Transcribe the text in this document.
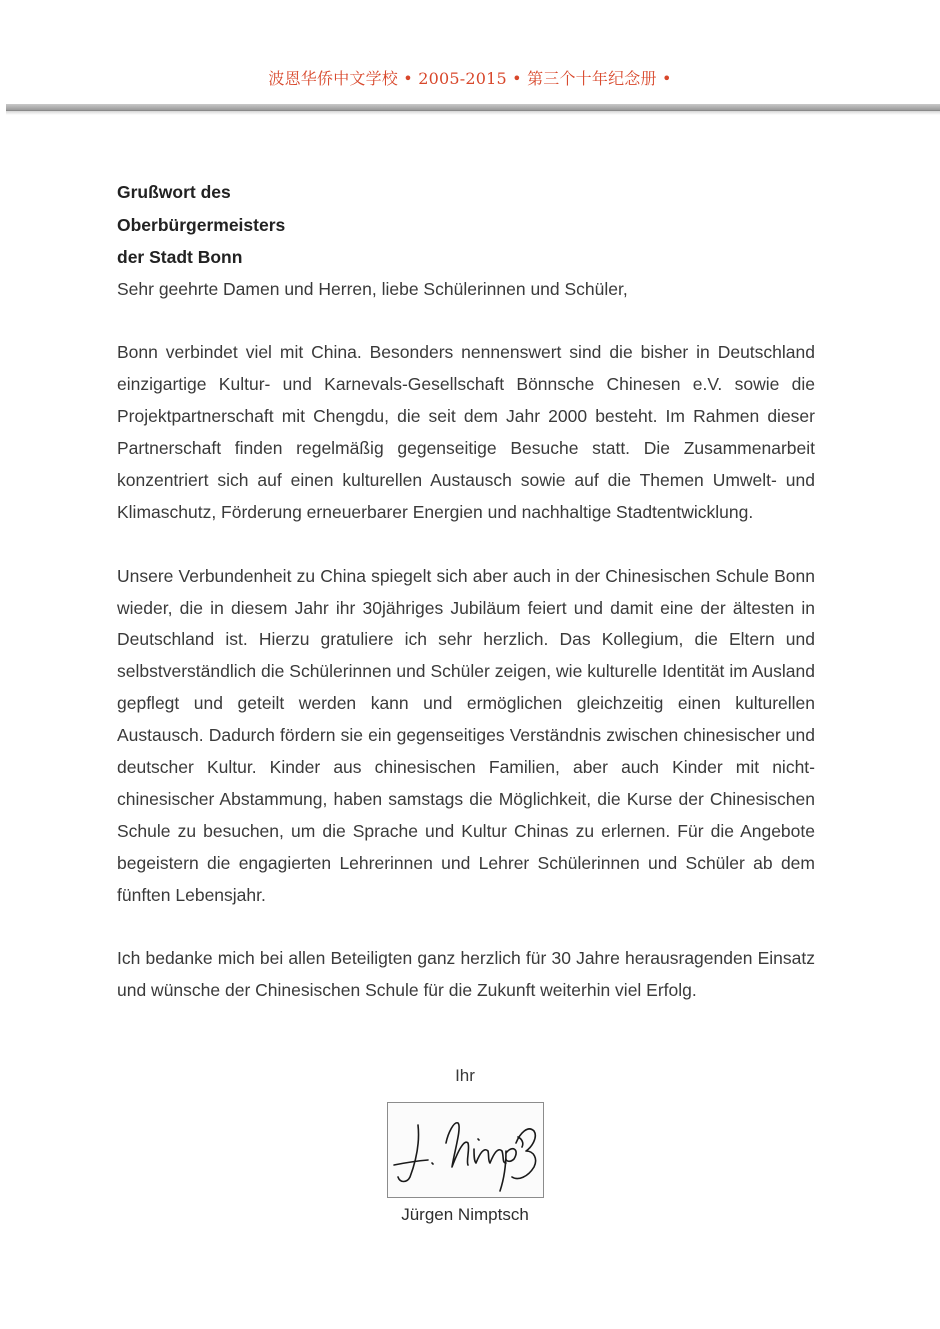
波恩华侨中文学校 • 2005-2015 • 第三个十年纪念册 •
Grußwort des
Oberbürgermeisters
der Stadt Bonn

Sehr geehrte Damen und Herren, liebe Schülerinnen und Schüler,

Bonn verbindet viel mit China. Besonders nennenswert sind die bisher in Deutschland einzigartige Kultur- und Karnevals-Gesellschaft Bönnsche Chinesen e.V. sowie die Projektpartnerschaft mit Chengdu, die seit dem Jahr 2000 besteht. Im Rahmen dieser Partnerschaft finden regelmäßig gegenseitige Besuche statt. Die Zusammenarbeit konzentriert sich auf einen kulturellen Austausch sowie auf die Themen Umwelt- und Klimaschutz, Förderung erneuerbarer Energien und nachhaltige Stadtentwicklung.

Unsere Verbundenheit zu China spiegelt sich aber auch in der Chinesischen Schule Bonn wieder, die in diesem Jahr ihr 30jähriges Jubiläum feiert und damit eine der ältesten in Deutschland ist. Hierzu gratuliere ich sehr herzlich. Das Kollegium, die Eltern und selbstverständlich die Schülerinnen und Schüler zeigen, wie kulturelle Identität im Ausland gepflegt und geteilt werden kann und ermöglichen gleichzeitig einen kulturellen Austausch. Dadurch fördern sie ein gegenseitiges Verständnis zwischen chinesischer und deutscher Kultur. Kinder aus chinesischen Familien, aber auch Kinder mit nicht-chinesischer Abstammung, haben samstags die Möglichkeit, die Kurse der Chinesischen Schule zu besuchen, um die Sprache und Kultur Chinas zu erlernen. Für die Angebote begeistern die engagierten Lehrerinnen und Lehrer Schülerinnen und Schüler ab dem fünften Lebensjahr.

Ich bedanke mich bei allen Beteiligten ganz herzlich für 30 Jahre herausragenden Einsatz und wünsche der Chinesischen Schule für die Zukunft weiterhin viel Erfolg.

Ihr
Jürgen Nimptsch
